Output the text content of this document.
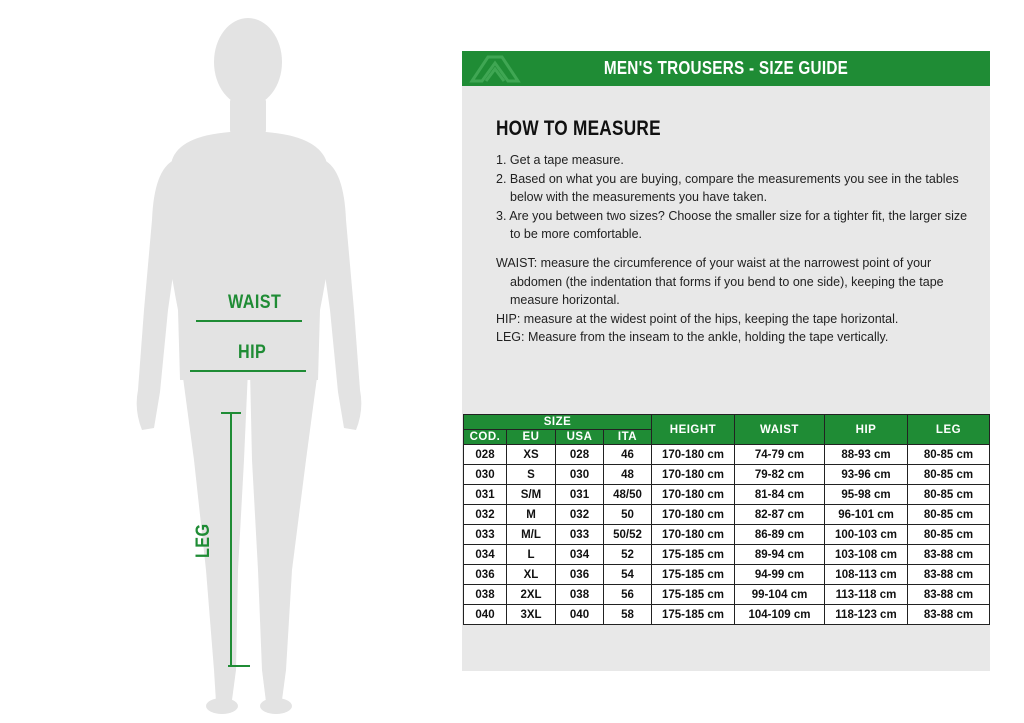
WAIST
HIP
LEG
MEN'S TROUSERS - SIZE GUIDE
HOW TO MEASURE
1. Get a tape measure.
2. Based on what you are buying, compare the measurements you see in the tables below with the measurements you have taken.
3. Are you between two sizes? Choose the smaller size for a tighter fit, the larger size to be more comfortable.
WAIST: measure the circumference of your waist at the narrowest point of your abdomen (the indentation that forms if you bend to one side), keeping the tape measure horizontal.
HIP: measure at the widest point of the hips, keeping the tape horizontal.
LEG: Measure from the inseam to the ankle, holding the tape vertically.
SIZE				HEIGHT	WAIST	HIP	LEG
COD.	EU	USA	ITA				
028	XS	028	46	170-180 cm	74-79 cm	88-93 cm	80-85 cm
030	S	030	48	170-180 cm	79-82 cm	93-96 cm	80-85 cm
031	S/M	031	48/50	170-180 cm	81-84 cm	95-98 cm	80-85 cm
032	M	032	50	170-180 cm	82-87 cm	96-101 cm	80-85 cm
033	M/L	033	50/52	170-180 cm	86-89 cm	100-103 cm	80-85 cm
034	L	034	52	175-185 cm	89-94 cm	103-108 cm	83-88 cm
036	XL	036	54	175-185 cm	94-99 cm	108-113 cm	83-88 cm
038	2XL	038	56	175-185 cm	99-104 cm	113-118 cm	83-88 cm
040	3XL	040	58	175-185 cm	104-109 cm	118-123 cm	83-88 cm
